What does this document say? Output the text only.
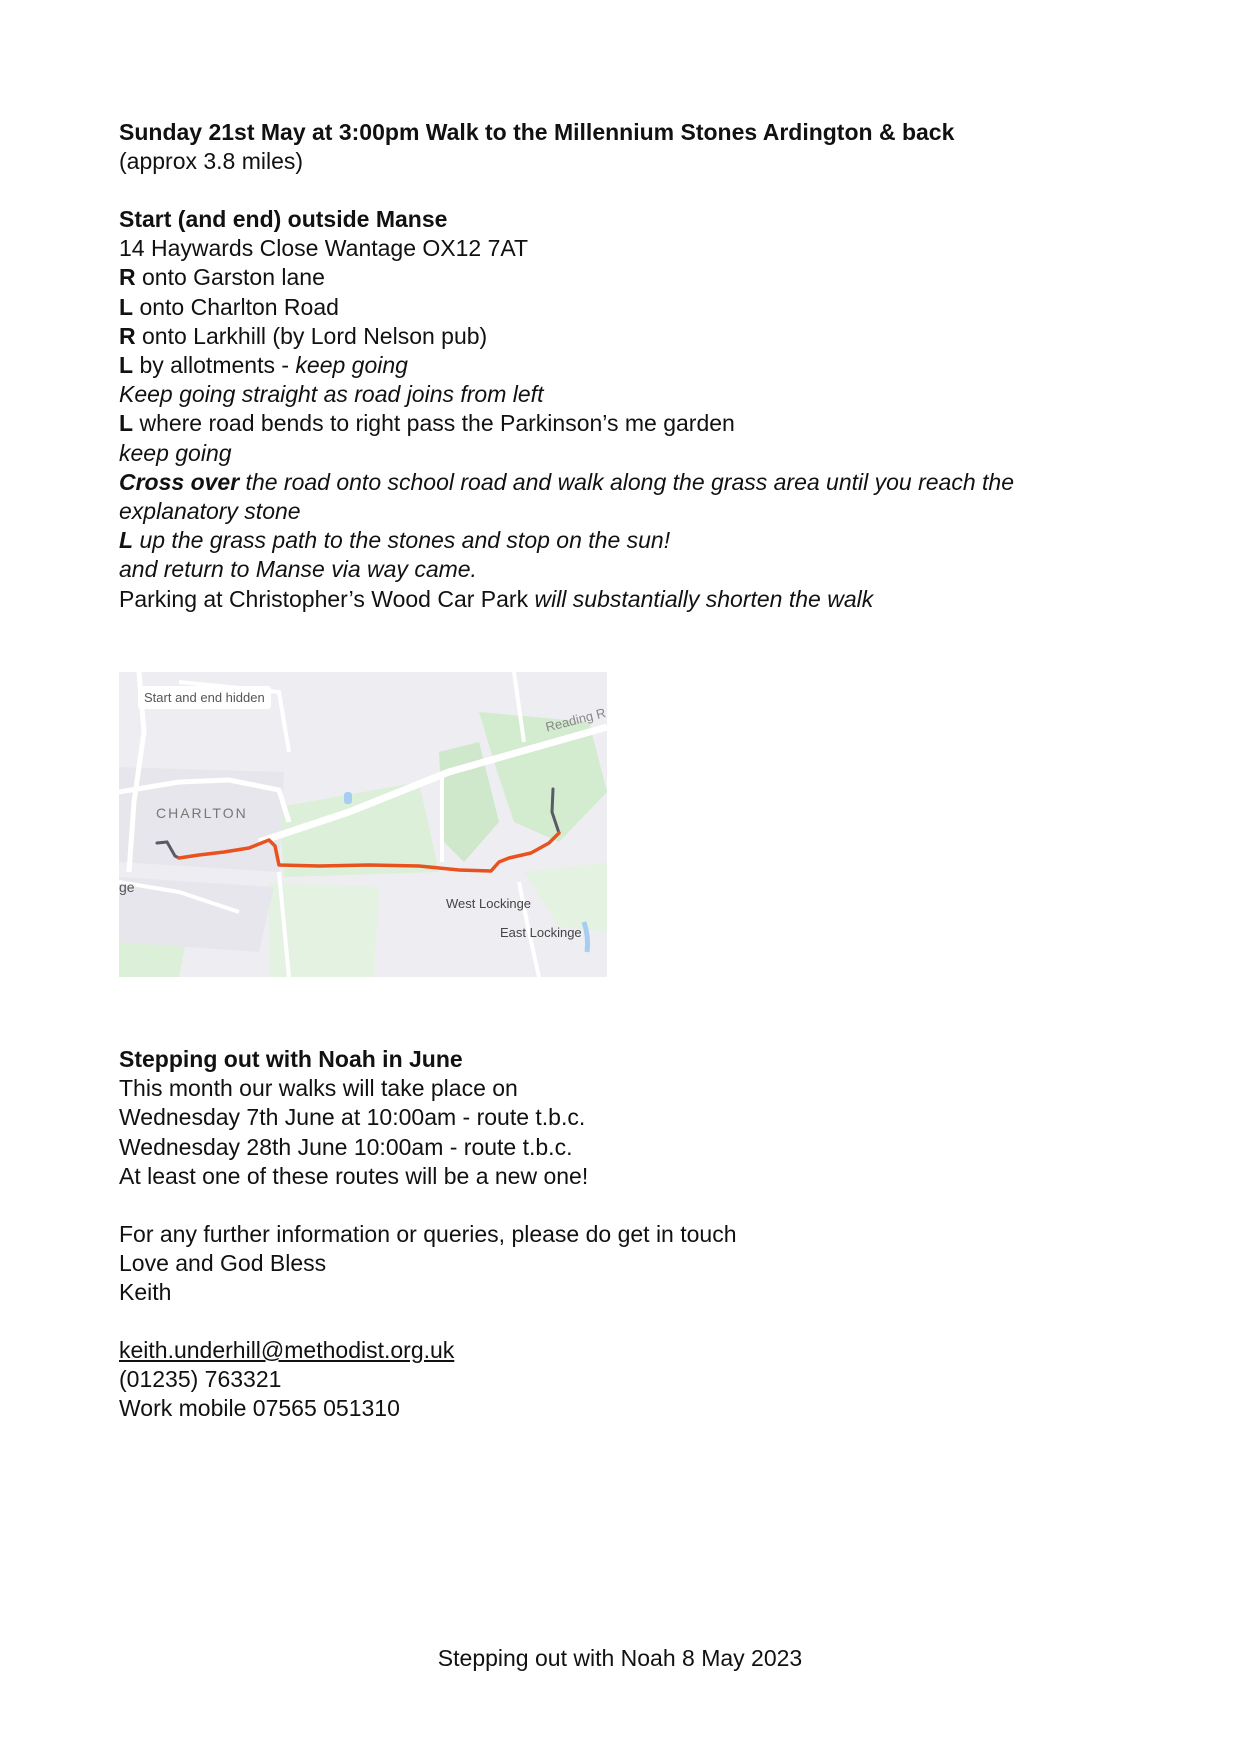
Sunday 21st May at 3:00pm Walk to the Millennium Stones Ardington & back
(approx 3.8 miles)
Start (and end) outside Manse
14 Haywards Close Wantage OX12 7AT
R onto Garston lane
L onto Charlton Road
R onto Larkhill (by Lord Nelson pub)
L by allotments - keep going
Keep going straight as road joins from left
L where road bends to right pass the Parkinson’s me garden
keep going
Cross over the road onto school road and walk along the grass area until you reach the
explanatory stone
L up the grass path to the stones and stop on the sun!
and return to Manse via way came.
Parking at Christopher’s Wood Car Park will substantially shorten the walk
Start and end hidden
CHARLTON
Reading R
ge
West Lockinge
East Lockinge
Stepping out with Noah in June
This month our walks will take place on
Wednesday 7th June at 10:00am - route t.b.c.
Wednesday 28th June 10:00am - route t.b.c.
At least one of these routes will be a new one!
For any further information or queries, please do get in touch
Love and God Bless
Keith
keith.underhill@methodist.org.uk
(01235) 763321
Work mobile 07565 051310
Stepping out with Noah 8 May 2023
